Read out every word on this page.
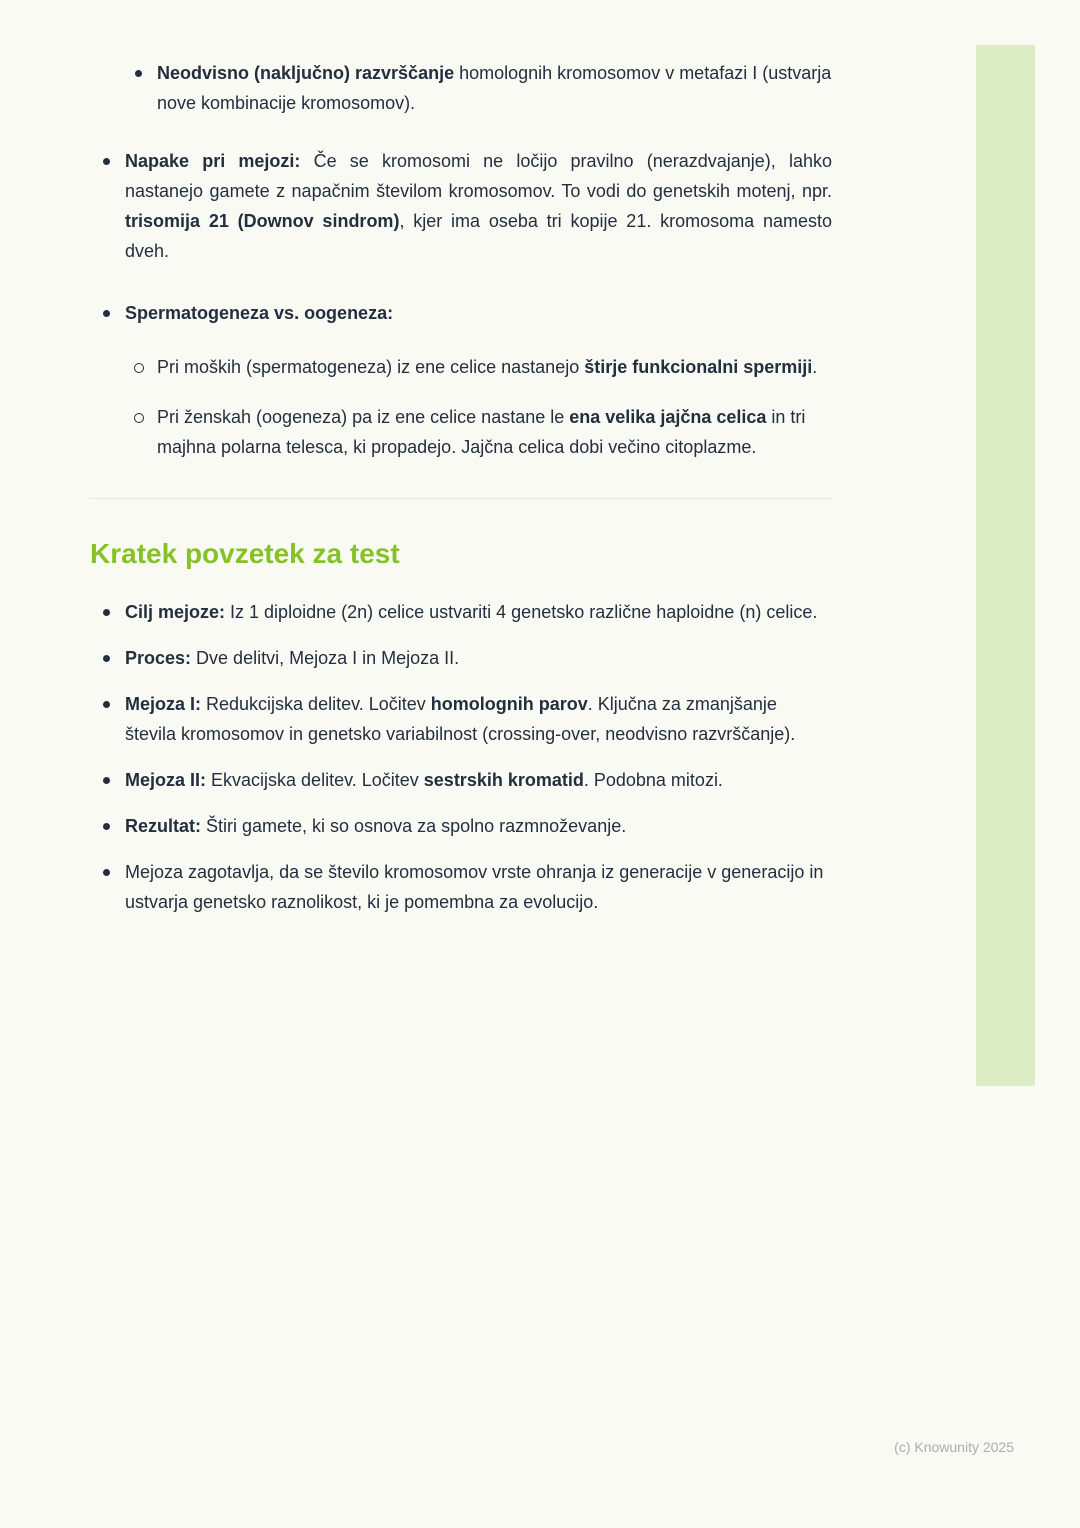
Neodvisno (naključno) razvrščanje homolognih kromosomov v metafazi I (ustvarja nove kombinacije kromosomov).
Napake pri mejozi: Če se kromosomi ne ločijo pravilno (nerazdvajanje), lahko nastanejo gamete z napačnim številom kromosomov. To vodi do genetskih motenj, npr. trisomija 21 (Downov sindrom), kjer ima oseba tri kopije 21. kromosoma namesto dveh.
Spermatogeneza vs. oogeneza:
Pri moških (spermatogeneza) iz ene celice nastanejo štirje funkcionalni spermiji.
Pri ženskah (oogeneza) pa iz ene celice nastane le ena velika jajčna celica in tri majhna polarna telesca, ki propadejo. Jajčna celica dobi večino citoplazme.
Kratek povzetek za test
Cilj mejoze: Iz 1 diploidne (2n) celice ustvariti 4 genetsko različne haploidne (n) celice.
Proces: Dve delitvi, Mejoza I in Mejoza II.
Mejoza I: Redukcijska delitev. Ločitev homolognih parov. Ključna za zmanjšanje števila kromosomov in genetsko variabilnost (crossing-over, neodvisno razvrščanje).
Mejoza II: Ekvacijska delitev. Ločitev sestrskih kromatid. Podobna mitozi.
Rezultat: Štiri gamete, ki so osnova za spolno razmnoževanje.
Mejoza zagotavlja, da se število kromosomov vrste ohranja iz generacije v generacijo in ustvarja genetsko raznolikost, ki je pomembna za evolucijo.
(c) Knowunity 2025
